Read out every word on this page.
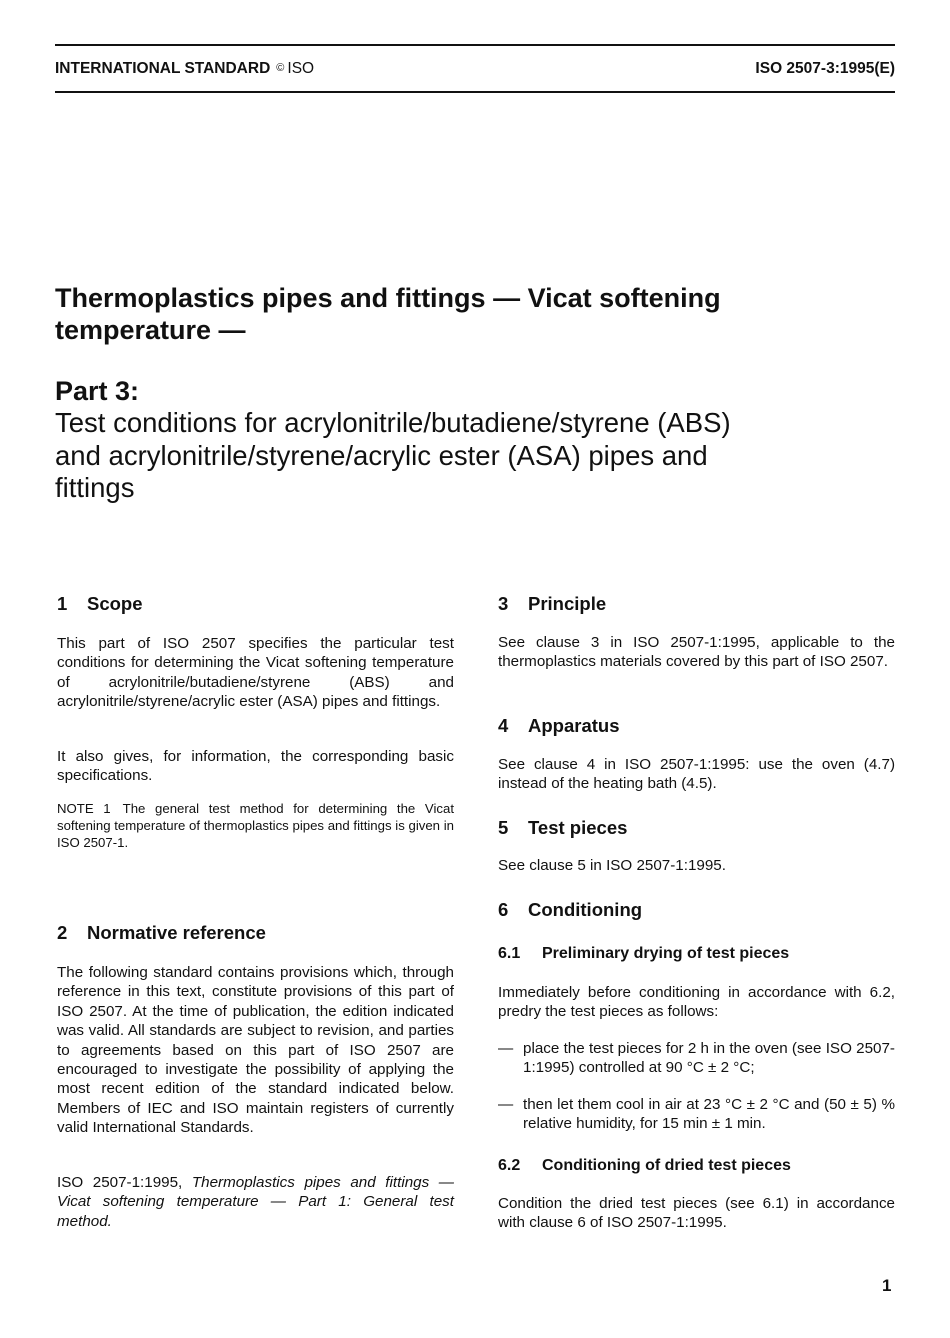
INTERNATIONAL STANDARD © ISO	ISO 2507-3:1995(E)
Thermoplastics pipes and fittings — Vicat softening
temperature —
Part 3:
Test conditions for acrylonitrile/butadiene/styrene (ABS)
and acrylonitrile/styrene/acrylic ester (ASA) pipes and
fittings
1 Scope

This part of ISO 2507 specifies the particular test conditions for determining the Vicat softening temperature of acrylonitrile/butadiene/styrene (ABS) and acrylonitrile/styrene/acrylic ester (ASA) pipes and fittings.

It also gives, for information, the corresponding basic specifications.

NOTE 1 The general test method for determining the Vicat softening temperature of thermoplastics pipes and fittings is given in ISO 2507-1.

2 Normative reference

The following standard contains provisions which, through reference in this text, constitute provisions of this part of ISO 2507. At the time of publication, the edition indicated was valid. All standards are subject to revision, and parties to agreements based on this part of ISO 2507 are encouraged to investigate the possibility of applying the most recent edition of the standard indicated below. Members of IEC and ISO maintain registers of currently valid International Standards.

ISO 2507-1:1995, Thermoplastics pipes and fittings — Vicat softening temperature — Part 1: General test method.

3 Principle

See clause 3 in ISO 2507-1:1995, applicable to the thermoplastics materials covered by this part of ISO 2507.

4 Apparatus

See clause 4 in ISO 2507-1:1995: use the oven (4.7) instead of the heating bath (4.5).

5 Test pieces

See clause 5 in ISO 2507-1:1995.

6 Conditioning
6.1 Preliminary drying of test pieces

Immediately before conditioning in accordance with 6.2, predry the test pieces as follows:

— place the test pieces for 2 h in the oven (see ISO 2507-1:1995) controlled at 90 °C ± 2 °C;
— then let them cool in air at 23 °C ± 2 °C and (50 ± 5) % relative humidity, for 15 min ± 1 min.
6.2 Conditioning of dried test pieces

Condition the dried test pieces (see 6.1) in accordance with clause 6 of ISO 2507-1:1995.

1
